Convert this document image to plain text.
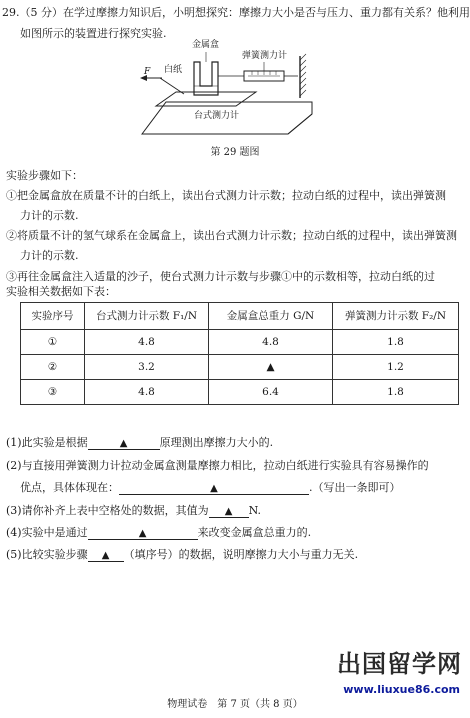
29.（5 分）在学过摩擦力知识后，小明想探究：摩擦力大小是否与压力、重力都有关系？他利用
如图所示的装置进行探究实验.
金属盒
弹簧测力计
白纸
F
台式测力计
第 29 题图
实验步骤如下：
①把金属盒放在质量不计的白纸上，读出台式测力计示数；拉动白纸的过程中，读出弹簧测
力计的示数.
②将质量不计的氢气球系在金属盒上，读出台式测力计示数；拉动白纸的过程中，读出弹簧测
力计的示数.
③再往金属盒注入适量的沙子，使台式测力计示数与步骤①中的示数相等，拉动白纸的过
实验相关数据如下表：
实验序号	台式测力计示数 F₁/N	金属盒总重力 G/N	弹簧测力计示数 F₂/N
①	4.8	4.8	1.8
②	3.2	▲	1.2
③	4.8	6.4	1.8
(1)此实验是根据	▲	原理测出摩擦力大小的.
(2)与直接用弹簧测力计拉动金属盒测量摩擦力相比，拉动白纸进行实验具有容易操作的
优点，具体体现在：	▲	.（写出一条即可）
(3)请你补齐上表中空格处的数据，其值为 ▲ N.
(4)实验中是通过	▲	来改变金属盒总重力的.
(5)比较实验步骤 ▲ （填序号）的数据，说明摩擦力大小与重力无关.
出国留学网
www.liuxue86.com
物理试卷　第 7 页（共 8 页）
